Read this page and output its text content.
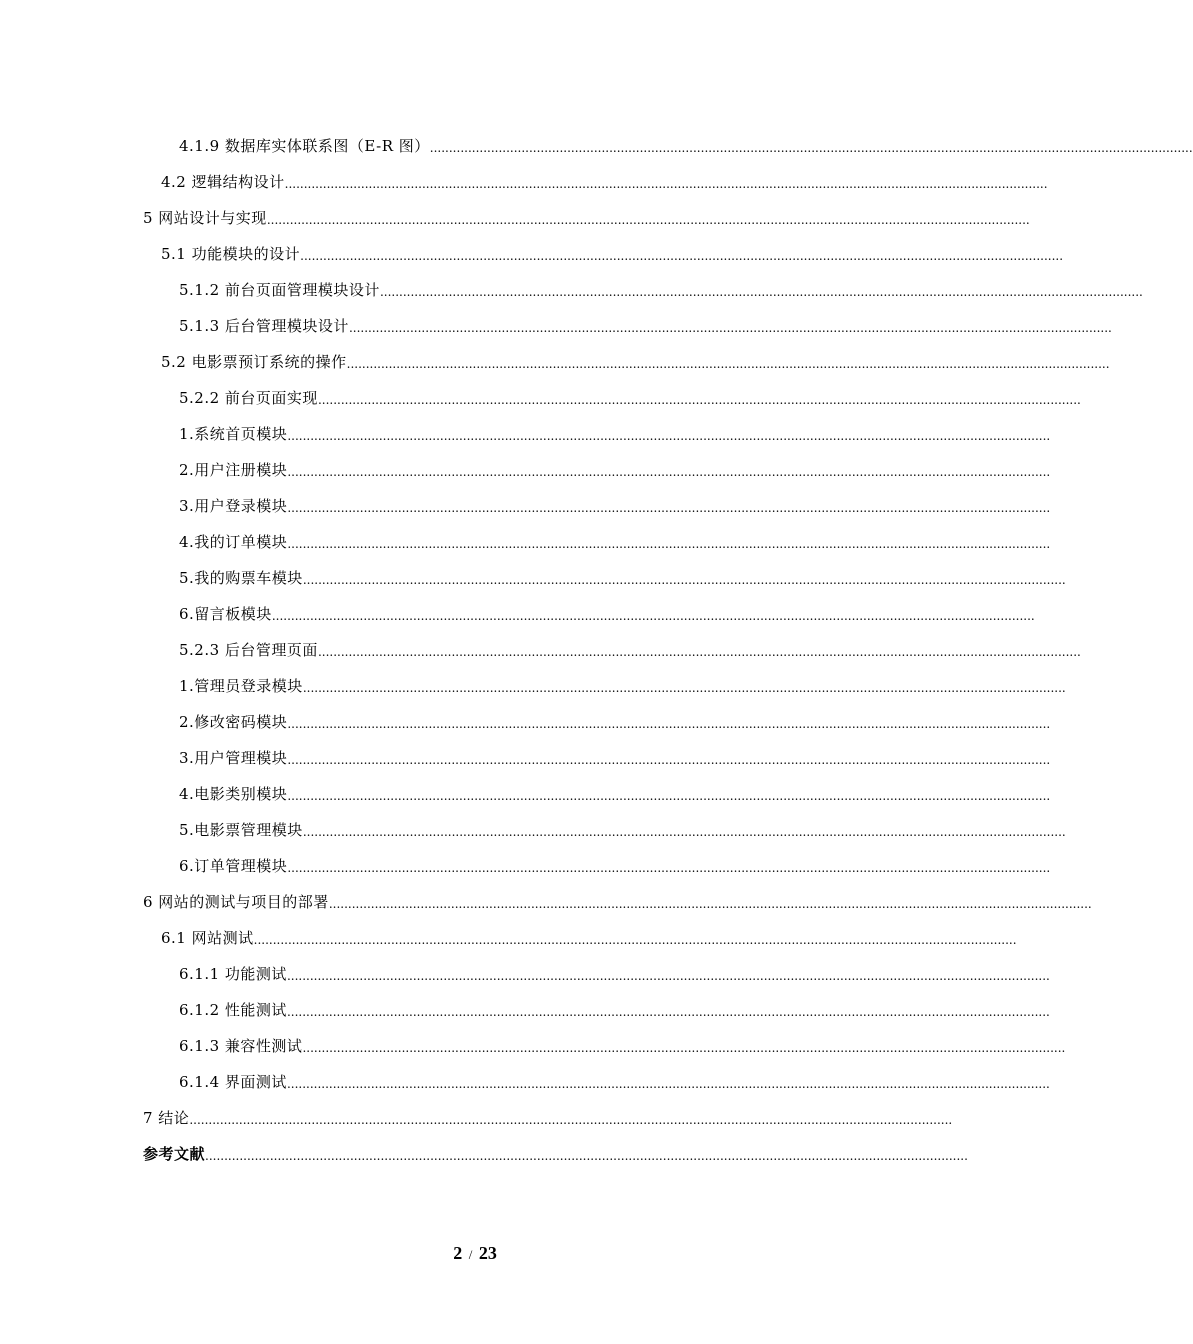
4.1.9 数据库实体联系图（E-R 图） ........................................................................................................................................................................................................
4.2 逻辑结构设计 ........................................................................................................................................................................................................
5 网站设计与实现 ........................................................................................................................................................................................................
5.1 功能模块的设计 ........................................................................................................................................................................................................
5.1.2 前台页面管理模块设计 ........................................................................................................................................................................................................
5.1.3 后台管理模块设计 ........................................................................................................................................................................................................
5.2 电影票预订系统的操作 ........................................................................................................................................................................................................
5.2.2 前台页面实现 ........................................................................................................................................................................................................
1.系统首页模块 ........................................................................................................................................................................................................
2.用户注册模块 ........................................................................................................................................................................................................
3.用户登录模块 ........................................................................................................................................................................................................
4.我的订单模块 ........................................................................................................................................................................................................
5.我的购票车模块 ........................................................................................................................................................................................................
6.留言板模块 ........................................................................................................................................................................................................
5.2.3 后台管理页面 ........................................................................................................................................................................................................
1.管理员登录模块 ........................................................................................................................................................................................................
2.修改密码模块 ........................................................................................................................................................................................................
3.用户管理模块 ........................................................................................................................................................................................................
4.电影类别模块 ........................................................................................................................................................................................................
5.电影票管理模块 ........................................................................................................................................................................................................
6.订单管理模块 ........................................................................................................................................................................................................
6 网站的测试与项目的部署 ........................................................................................................................................................................................................
6.1 网站测试 ........................................................................................................................................................................................................
6.1.1 功能测试 ........................................................................................................................................................................................................
6.1.2 性能测试 ........................................................................................................................................................................................................
6.1.3 兼容性测试 ........................................................................................................................................................................................................
6.1.4 界面测试 ........................................................................................................................................................................................................
7 结论 ........................................................................................................................................................................................................
参考文献 ........................................................................................................................................................................................................
2 / 23
